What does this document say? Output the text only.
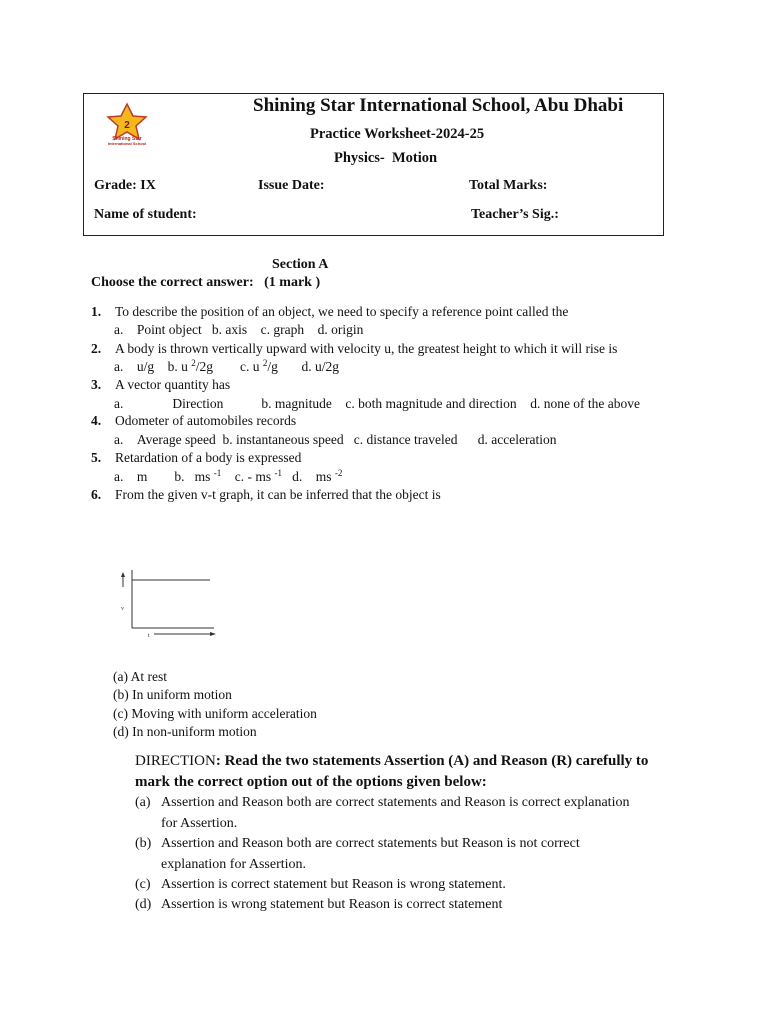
2
Shining Star
International School
Shining Star International School, Abu Dhabi
Practice Worksheet-2024-25
Physics-  Motion
Grade: IX	Issue Date:	Total Marks:
Name of student:	Teacher’s Sig.:
Section A
Choose the correct answer:   (1 mark )
1. To describe the position of an object, we need to specify a reference point called the
a. Point object b. axis c. graph d. origin
2. A body is thrown vertically upward with velocity u, the greatest height to which it will rise is
a. u/g b. u $^2$/2g c. u $^2$/g d. u/2g
3. A vector quantity has
a.	Direction	b. magnitude c. both magnitude and direction d. none of the above
4. Odometer of automobiles records
a. Average speed b. instantaneous speed c. distance traveled d. acceleration
5. Retardation of a body is expressed
a. m b. ms $^{-1}$ c. - ms $^{-1}$ d. ms $^{-2}$
6. From the given v-t graph, it can be inferred that the object is
v
t
(a) At rest
(b) In uniform motion
(c) Moving with uniform acceleration
(d) In non-uniform motion
DIRECTION: Read the two statements Assertion (A) and Reason (R) carefully to
mark the correct option out of the options given below:
(a) Assertion and Reason both are correct statements and Reason is correct explanation
for Assertion.
(b) Assertion and Reason both are correct statements but Reason is not correct
explanation for Assertion.
(c) Assertion is correct statement but Reason is wrong statement.
(d) Assertion is wrong statement but Reason is correct statement
